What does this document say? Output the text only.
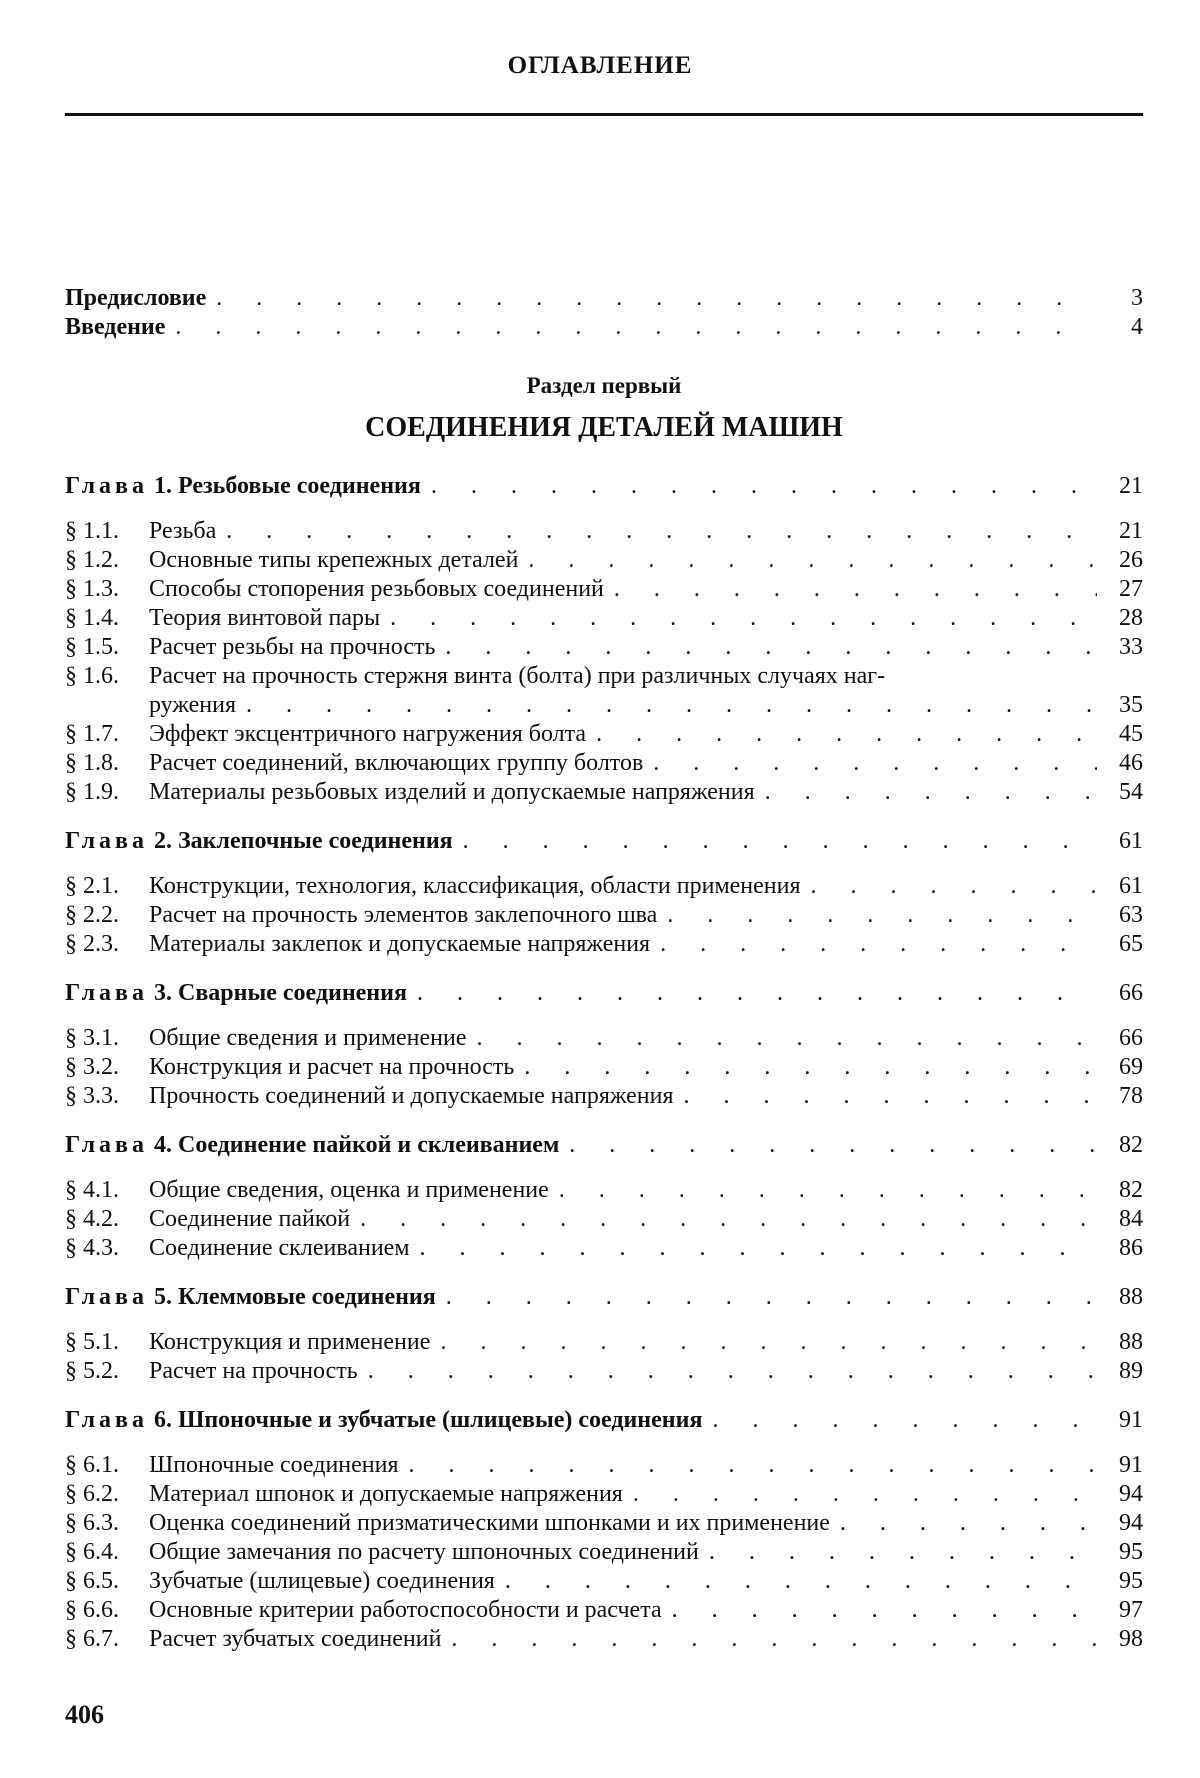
ОГЛАВЛЕНИЕ
Предисловие . . .	3
Введение . . .	4
Раздел первый
СОЕДИНЕНИЯ ДЕТАЛЕЙ МАШИН
Глава 1. Резьбовые соединения . . .	21
§ 1.1. Резьба . . .	21
§ 1.2. Основные типы крепежных деталей . . .	26
§ 1.3. Способы стопорения резьбовых соединений . . .	27
§ 1.4. Теория винтовой пары . . .	28
§ 1.5. Расчет резьбы на прочность . . .	33
§ 1.6. Расчет на прочность стержня винта (болта) при различных случаях наг-
ружения . . .	35
§ 1.7. Эффект эксцентричного нагружения болта . . .	45
§ 1.8. Расчет соединений, включающих группу болтов . . .	46
§ 1.9. Материалы резьбовых изделий и допускаемые напряжения . . .	54
Глава 2. Заклепочные соединения . . .	61
§ 2.1. Конструкции, технология, классификация, области применения . . .	61
§ 2.2. Расчет на прочность элементов заклепочного шва . . .	63
§ 2.3. Материалы заклепок и допускаемые напряжения . . .	65
Глава 3. Сварные соединения . . .	66
§ 3.1. Общие сведения и применение . . .	66
§ 3.2. Конструкция и расчет на прочность . . .	69
§ 3.3. Прочность соединений и допускаемые напряжения . . .	78
Глава 4. Соединение пайкой и склеиванием . . .	82
§ 4.1. Общие сведения, оценка и применение . . .	82
§ 4.2. Соединение пайкой . . .	84
§ 4.3. Соединение склеиванием . . .	86
Глава 5. Клеммовые соединения . . .	88
§ 5.1. Конструкция и применение . . .	88
§ 5.2. Расчет на прочность . . .	89
Глава 6. Шпоночные и зубчатые (шлицевые) соединения . . .	91
§ 6.1. Шпоночные соединения . . .	91
§ 6.2. Материал шпонок и допускаемые напряжения . . .	94
§ 6.3. Оценка соединений призматическими шпонками и их применение . . .	94
§ 6.4. Общие замечания по расчету шпоночных соединений . . .	95
§ 6.5. Зубчатые (шлицевые) соединения . . .	95
§ 6.6. Основные критерии работоспособности и расчета . . .	97
§ 6.7. Расчет зубчатых соединений . . .	98
406
